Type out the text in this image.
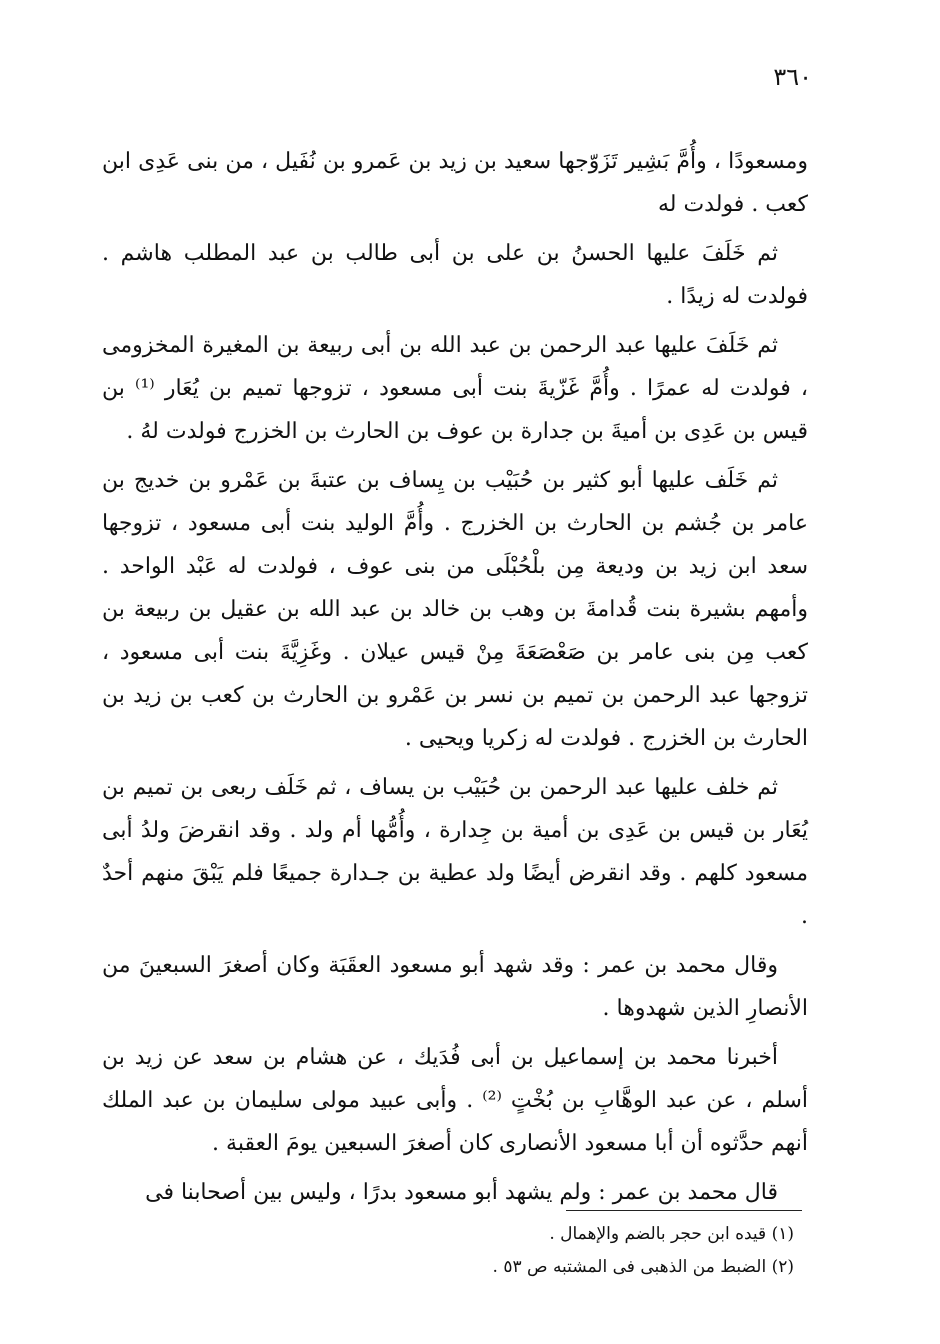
٣٦٠

ومسعودًا ، وأُمَّ بَشِير تَزَوّجها سعيد بن زيد بن عَمرو بن نُفَيل ، من بنى عَدِى ابن كعب . فولدت له

ثم خَلَفَ عليها الحسنُ بن على بن أبى طالب بن عبد المطلب هاشم . فولدت له زيدًا .

ثم خَلَفَ عليها عبد الرحمن بن عبد الله بن أبى ربيعة بن المغيرة المخزومى ، فولدت له عمرًا . وأُمَّ غَزّيةَ بنت أبى مسعود ، تزوجها تميم بن يُعَار ⁽¹⁾ بن قيس بن عَدِى بن أميةَ بن جدارة بن عوف بن الحارث بن الخزرج فولدت لهُ .

ثم خَلَف عليها أبو كثير بن حُبَيْب بن يِساف بن عتبةَ بن عَمْرو بن خديج بن عامر بن جُشم بن الحارث بن الخزرج . وأُمَّ الوليد بنت أبى مسعود ، تزوجها سعد ابن زيد بن وديعة مِن بلْحُبْلَى من بنى عوف ، فولدت له عَبْد الواحد . وأمهم بشيرة بنت قُدامةَ بن وهب بن خالد بن عبد الله بن عقيل بن ربيعة بن كعب مِن بنى عامر بن صَعْصَعَةَ مِنْ قيس عيلان . وغَزِيَّةَ بنت أبى مسعود ، تزوجها عبد الرحمن بن تميم بن نسر بن عَمْرو بن الحارث بن كعب بن زيد بن الحارث بن الخزرج . فولدت له زكريا ويحيى .

ثم خلف عليها عبد الرحمن بن حُبَيْب بن يساف ، ثم خَلَف ربعى بن تميم بن يُعَار بن قيس بن عَدِى بن أمية بن جِدارة ، وأُمُّها أم ولد . وقد انقرضَ ولدُ أبى مسعود كلهم . وقد انقرض أيضًا ولد عطية بن جـدارة جميعًا فلم يَبْقَ منهم أحدٌ .

وقال محمد بن عمر : وقد شهد أبو مسعود العقَبَة وكان أصغرَ السبعينَ من الأنصارِ الذين شهدوها .

أخبرنا محمد بن إسماعيل بن أبى فُدَيك ، عن هشام بن سعد عن زيد بن أسلم ، عن عبد الوهَّابِ بن بُخْتٍ ⁽²⁾ . وأبى عبيد مولى سليمان بن عبد الملك أنهم حدَّثوه أن أبا مسعود الأنصارى كان أصغرَ السبعين يومَ العقبة .

قال محمد بن عمر : ولم يشهد أبو مسعود بدرًا ، وليس بين أصحابنا فى

(١) قيده ابن حجر بالضم والإهمال .
(٢) الضبط من الذهبى فى المشتبه ص ٥٣ .
